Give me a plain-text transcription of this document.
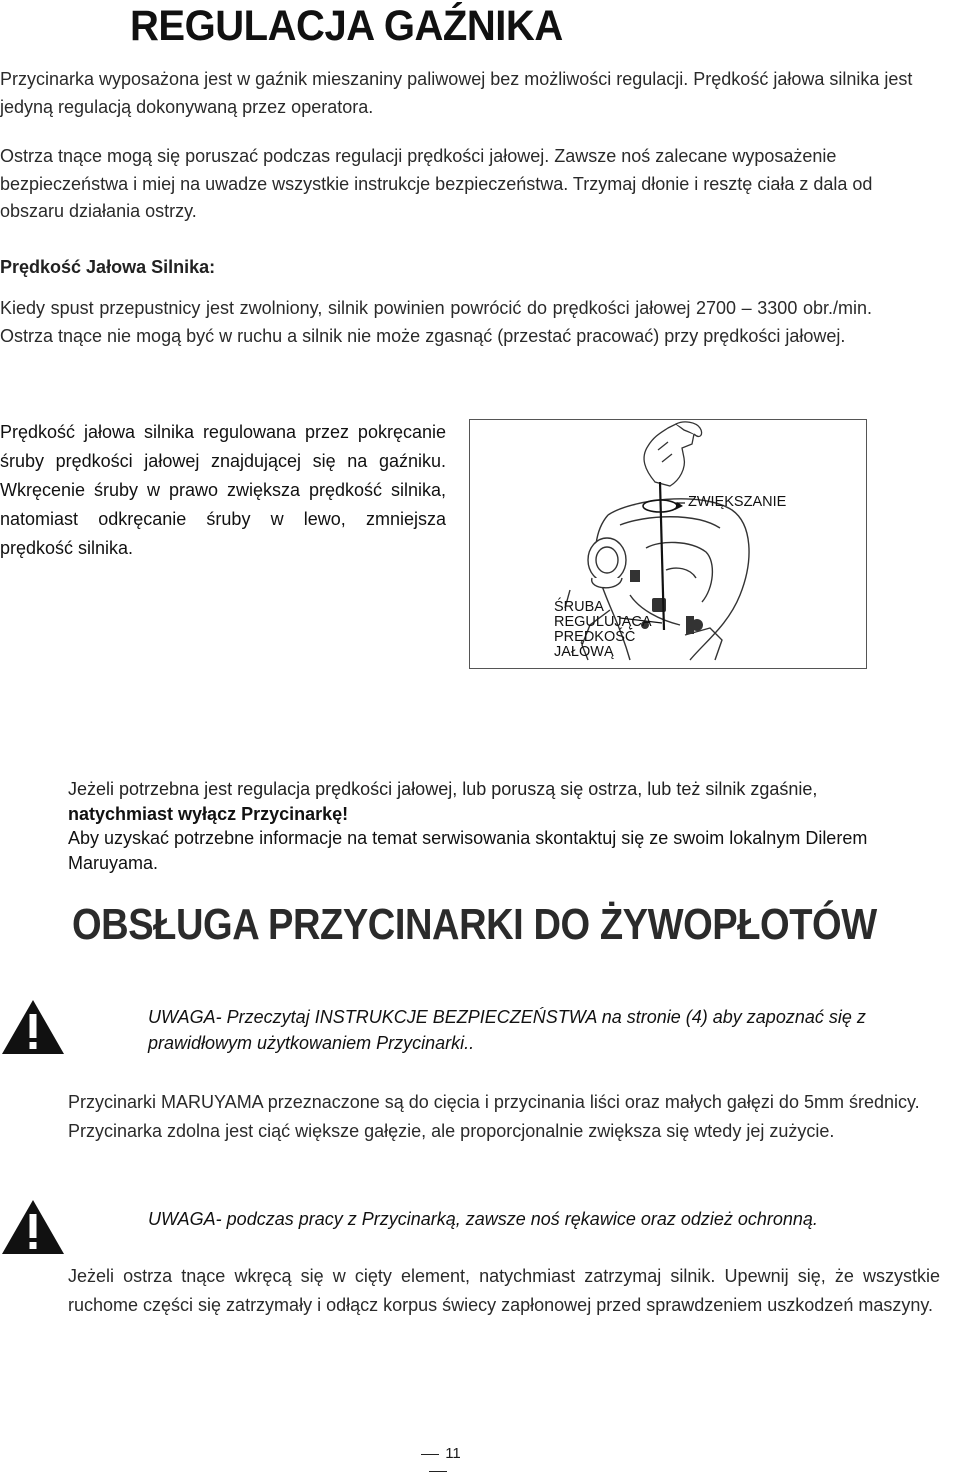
REGULACJA GAŹNIKA
Przycinarka wyposażona jest w gaźnik mieszaniny paliwowej bez możliwości regulacji. Prędkość jałowa silnika jest jedyną regulacją dokonywaną przez operatora.
Ostrza tnące mogą się poruszać podczas regulacji prędkości jałowej. Zawsze noś zalecane wyposażenie bezpieczeństwa i miej na uwadze wszystkie instrukcje bezpieczeństwa. Trzymaj dłonie i resztę ciała z dala od obszaru działania ostrzy.
Prędkość Jałowa Silnika:
Kiedy spust przepustnicy jest zwolniony, silnik powinien powrócić do prędkości jałowej 2700 – 3300 obr./min. Ostrza tnące nie mogą być w ruchu a silnik nie może zgasnąć (przestać pracować) przy prędkości jałowej.
Prędkość jałowa silnika regulowana przez pokręcanie śruby prędkości jałowej znajdującej się na gaźniku. Wkręcenie śruby w prawo zwiększa prędkość silnika, natomiast odkręcanie śruby w lewo, zmniejsza prędkość silnika.
ZWIĘKSZANIE
ŚRUBA
REGULUJĄCA
PRĘDKOŚĆ
JAŁOWĄ
Jeżeli potrzebna jest regulacja prędkości jałowej, lub poruszą się ostrza, lub też silnik zgaśnie,
natychmiast wyłącz Przycinarkę!
Aby uzyskać potrzebne informacje na temat serwisowania skontaktuj się ze swoim lokalnym Dilerem Maruyama.
OBSŁUGA PRZYCINARKI DO ŻYWOPŁOTÓW
UWAGA- Przeczytaj INSTRUKCJE BEZPIECZEŃSTWA na stronie (4) aby zapoznać się z prawidłowym użytkowaniem Przycinarki..
Przycinarki MARUYAMA przeznaczone są do cięcia i przycinania liści oraz małych gałęzi do 5mm średnicy. Przycinarka zdolna jest ciąć większe gałęzie, ale proporcjonalnie zwiększa się wtedy jej zużycie.
UWAGA- podczas pracy z Przycinarką, zawsze noś rękawice oraz odzież ochronną.
Jeżeli ostrza tnące wkręcą się w cięty element, natychmiast zatrzymaj silnik. Upewnij się, że wszystkie ruchome części się zatrzymały i odłącz korpus świecy zapłonowej przed sprawdzeniem uszkodzeń maszyny.
11
